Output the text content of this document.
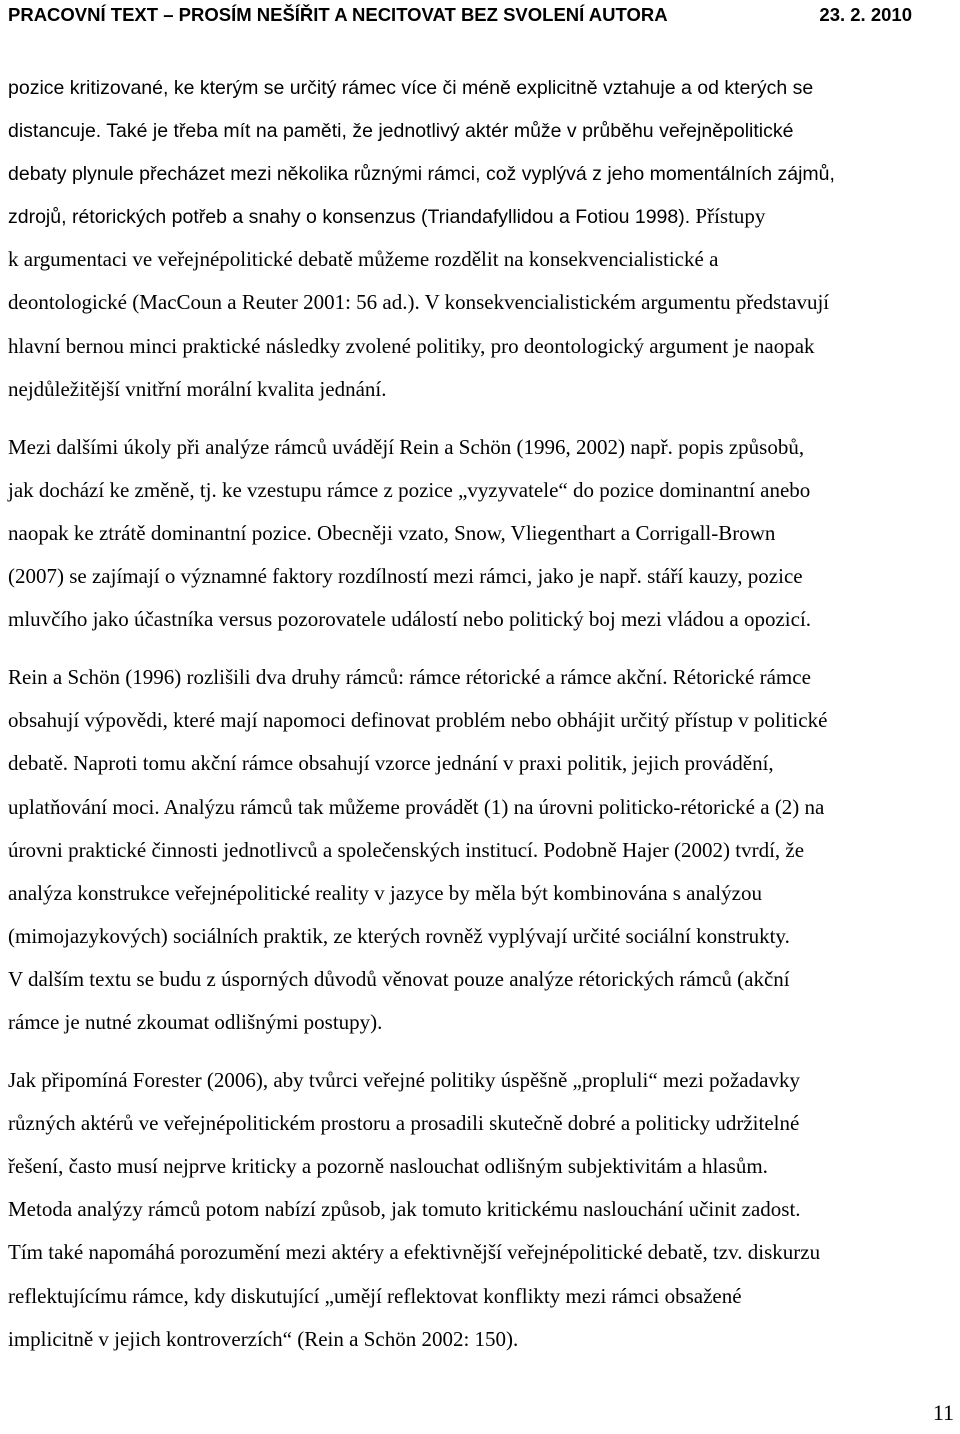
PRACOVNÍ TEXT – PROSÍM NEŠÍŘIT A NECITOVAT BEZ SVOLENÍ AUTORA	23. 2. 2010
pozice kritizované, ke kterým se určitý rámec více či méně explicitně vztahuje a od kterých se
distancuje. Také je třeba mít na paměti, že jednotlivý aktér může v průběhu veřejněpolitické
debaty plynule přecházet mezi několika různými rámci, což vyplývá z jeho momentálních zájmů,
zdrojů, rétorických potřeb a snahy o konsenzus (Triandafyllidou a Fotiou 1998). Přístupy
k argumentaci ve veřejnépolitické debatě můžeme rozdělit na konsekvencialistické a
deontologické (MacCoun a Reuter 2001: 56 ad.). V konsekvencialistickém argumentu představují
hlavní bernou minci praktické následky zvolené politiky, pro deontologický argument je naopak
nejdůležitější vnitřní morální kvalita jednání.
Mezi dalšími úkoly při analýze rámců uvádějí Rein a Schön (1996, 2002) např. popis způsobů,
jak dochází ke změně, tj. ke vzestupu rámce z pozice „vyzyvatele“ do pozice dominantní anebo
naopak ke ztrátě dominantní pozice. Obecněji vzato, Snow, Vliegenthart a Corrigall-Brown
(2007) se zajímají o významné faktory rozdílností mezi rámci, jako je např. stáří kauzy, pozice
mluvčího jako účastníka versus pozorovatele událostí nebo politický boj mezi vládou a opozicí.
Rein a Schön (1996) rozlišili dva druhy rámců: rámce rétorické a rámce akční. Rétorické rámce
obsahují výpovědi, které mají napomoci definovat problém nebo obhájit určitý přístup v politické
debatě. Naproti tomu akční rámce obsahují vzorce jednání v praxi politik, jejich provádění,
uplatňování moci. Analýzu rámců tak můžeme provádět (1) na úrovni politicko-rétorické a (2) na
úrovni praktické činnosti jednotlivců a společenských institucí. Podobně Hajer (2002) tvrdí, že
analýza konstrukce veřejnépolitické reality v jazyce by měla být kombinována s analýzou
(mimojazykových) sociálních praktik, ze kterých rovněž vyplývají určité sociální konstrukty.
V dalším textu se budu z úsporných důvodů věnovat pouze analýze rétorických rámců (akční
rámce je nutné zkoumat odlišnými postupy).
Jak připomíná Forester (2006), aby tvůrci veřejné politiky úspěšně „propluli“ mezi požadavky
různých aktérů ve veřejnépolitickém prostoru a prosadili skutečně dobré a politicky udržitelné
řešení, často musí nejprve kriticky a pozorně naslouchat odlišným subjektivitám a hlasům.
Metoda analýzy rámců potom nabízí způsob, jak tomuto kritickému naslouchání učinit zadost.
Tím také napomáhá porozumění mezi aktéry a efektivnější veřejnépolitické debatě, tzv. diskurzu
reflektujícímu rámce, kdy diskutující „umějí reflektovat konflikty mezi rámci obsažené
implicitně v jejich kontroverzích“ (Rein a Schön 2002: 150).
11
